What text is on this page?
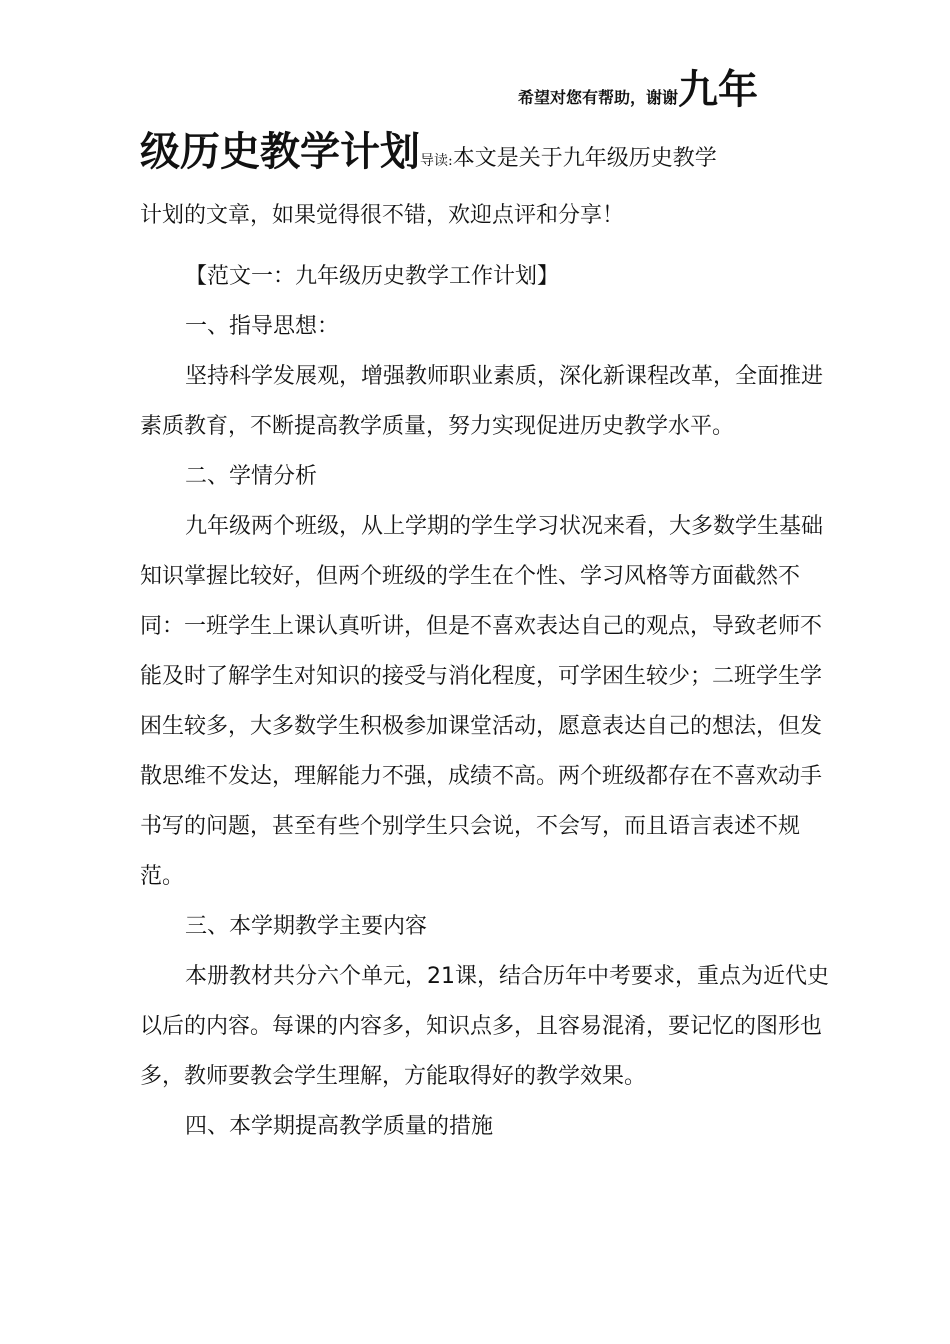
希望对您有帮助，谢谢九年
级历史教学计划导读:本文是关于九年级历史教学
计划的文章，如果觉得很不错，欢迎点评和分享！

【范文一：九年级历史教学工作计划】

一、指导思想：

坚持科学发展观，增强教师职业素质，深化新课程改革，全面推进素质教育，不断提高教学质量，努力实现促进历史教学水平。

二、学情分析

九年级两个班级，从上学期的学生学习状况来看，大多数学生基础知识掌握比较好，但两个班级的学生在个性、学习风格等方面截然不同：一班学生上课认真听讲，但是不喜欢表达自己的观点，导致老师不能及时了解学生对知识的接受与消化程度，可学困生较少；二班学生学困生较多，大多数学生积极参加课堂活动，愿意表达自己的想法，但发散思维不发达，理解能力不强，成绩不高。两个班级都存在不喜欢动手书写的问题，甚至有些个别学生只会说，不会写，而且语言表述不规范。

三、本学期教学主要内容

本册教材共分六个单元，21课，结合历年中考要求，重点为近代史以后的内容。每课的内容多，知识点多，且容易混淆，要记忆的图形也多，教师要教会学生理解，方能取得好的教学效果。

四、本学期提高教学质量的措施
